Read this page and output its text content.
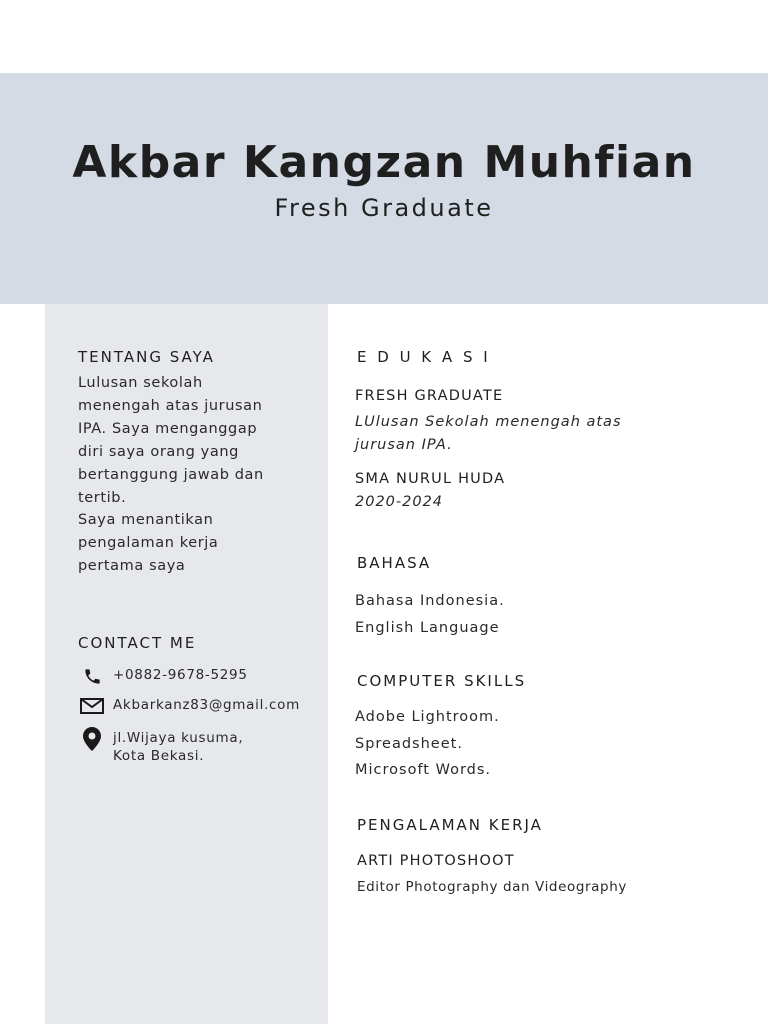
Akbar Kangzan Muhfian
Fresh Graduate
TENTANG SAYA
Lulusan sekolah
menengah atas jurusan
IPA. Saya menganggap
diri saya orang yang
bertanggung jawab dan
tertib.
Saya menantikan
pengalaman kerja
pertama saya
CONTACT ME
+0882-9678-5295
Akbarkanz83@gmail.com
jl.Wijaya kusuma,
Kota Bekasi.
E D U K A S I
FRESH GRADUATE
LUlusan Sekolah menengah atas
jurusan IPA.
SMA NURUL HUDA
2020-2024
BAHASA
Bahasa Indonesia.
English Language
COMPUTER SKILLS
Adobe Lightroom.
Spreadsheet.
Microsoft Words.
PENGALAMAN KERJA
ARTI PHOTOSHOOT
Editor Photography dan Videography
